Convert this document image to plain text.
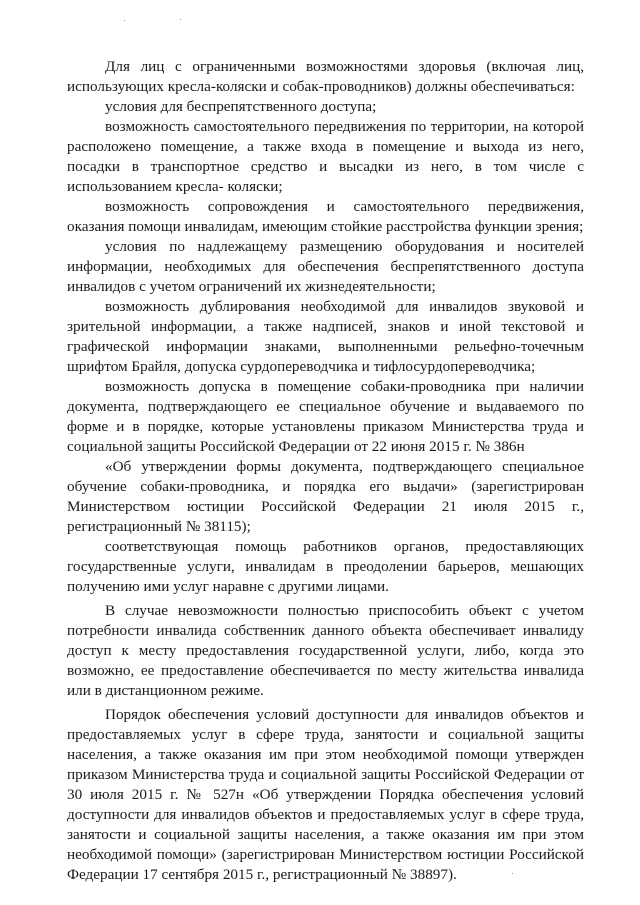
Для лиц с ограниченными возможностями здоровья (включая лиц, использующих кресла-коляски и собак-проводников) должны обеспечиваться:

условия для беспрепятственного доступа;

возможность самостоятельного передвижения по территории, на которой расположено помещение, а также входа в помещение и выхода из него, посадки в транспортное средство и высадки из него, в том числе с использованием кресла- коляски;

возможность сопровождения и самостоятельного передвижения, оказания помощи инвалидам, имеющим стойкие расстройства функции зрения;

условия по надлежащему размещению оборудования и носителей информации, необходимых для обеспечения беспрепятственного доступа инвалидов с учетом ограничений их жизнедеятельности;

возможность дублирования необходимой для инвалидов звуковой и зрительной информации, а также надписей, знаков и иной текстовой и графической информации знаками, выполненными рельефно-точечным шрифтом Брайля, допуска сурдопереводчика и тифлосурдопереводчика;

возможность допуска в помещение собаки-проводника при наличии документа, подтверждающего ее специальное обучение и выдаваемого по форме и в порядке, которые установлены приказом Министерства труда и социальной защиты Российской Федерации от 22 июня 2015 г. № 386н

«Об утверждении формы документа, подтверждающего специальное обучение собаки-проводника, и порядка его выдачи» (зарегистрирован Министерством юстиции Российской Федерации 21 июля 2015 г., регистрационный № 38115);

соответствующая помощь работников органов, предоставляющих государственные услуги, инвалидам в преодолении барьеров, мешающих получению ими услуг наравне с другими лицами.

В случае невозможности полностью приспособить объект с учетом потребности инвалида собственник данного объекта обеспечивает инвалиду доступ к месту предоставления государственной услуги, либо, когда это возможно, ее предоставление обеспечивается по месту жительства инвалида или в дистанционном режиме.

Порядок обеспечения условий доступности для инвалидов объектов и предоставляемых услуг в сфере труда, занятости и социальной защиты населения, а также оказания им при этом необходимой помощи утвержден приказом Министерства труда и социальной защиты Российской Федерации от 30 июля 2015 г. № 527н «Об утверждении Порядка обеспечения условий доступности для инвалидов объектов и предоставляемых услуг в сфере труда, занятости и социальной защиты населения, а также оказания им при этом необходимой помощи» (зарегистрирован Министерством юстиции Российской Федерации 17 сентября 2015 г., регистрационный № 38897).
